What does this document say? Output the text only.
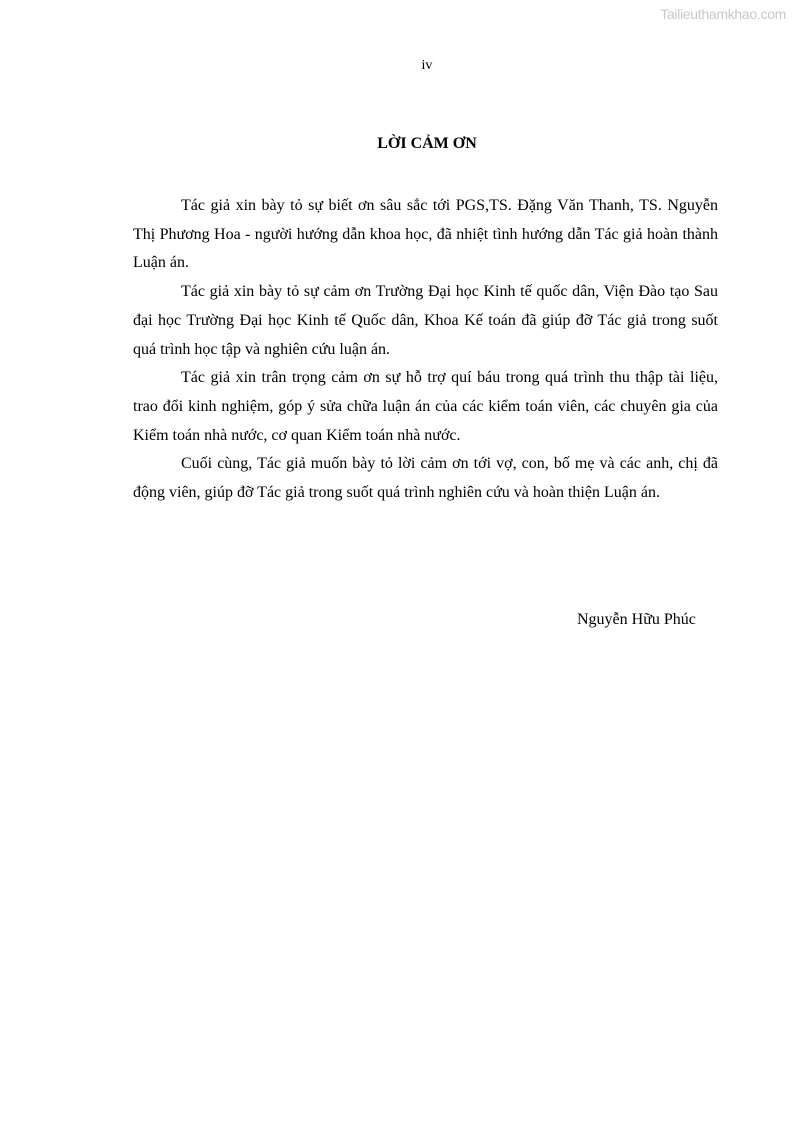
Tailieuthamkhao.com
iv
LỜI CẢM ƠN

Tác giả xin bày tỏ sự biết ơn sâu sắc tới PGS,TS. Đặng Văn Thanh, TS. Nguyễn Thị Phương Hoa - người hướng dẫn khoa học, đã nhiệt tình hướng dẫn Tác giả hoàn thành Luận án.

Tác giả xin bày tỏ sự cảm ơn Trường Đại học Kinh tế quốc dân, Viện Đào tạo Sau đại học Trường Đại học Kinh tế Quốc dân, Khoa Kế toán đã giúp đỡ Tác giả trong suốt quá trình học tập và nghiên cứu luận án.

Tác giả xin trân trọng cảm ơn sự hỗ trợ quí báu trong quá trình thu thập tài liệu, trao đổi kinh nghiệm, góp ý sửa chữa luận án của các kiểm toán viên, các chuyên gia của Kiểm toán nhà nước, cơ quan Kiểm toán nhà nước.

Cuối cùng, Tác giả muốn bày tỏ lời cảm ơn tới vợ, con, bố mẹ và các anh, chị đã động viên, giúp đỡ Tác giả trong suốt quá trình nghiên cứu và hoàn thiện Luận án.

Nguyễn Hữu Phúc
